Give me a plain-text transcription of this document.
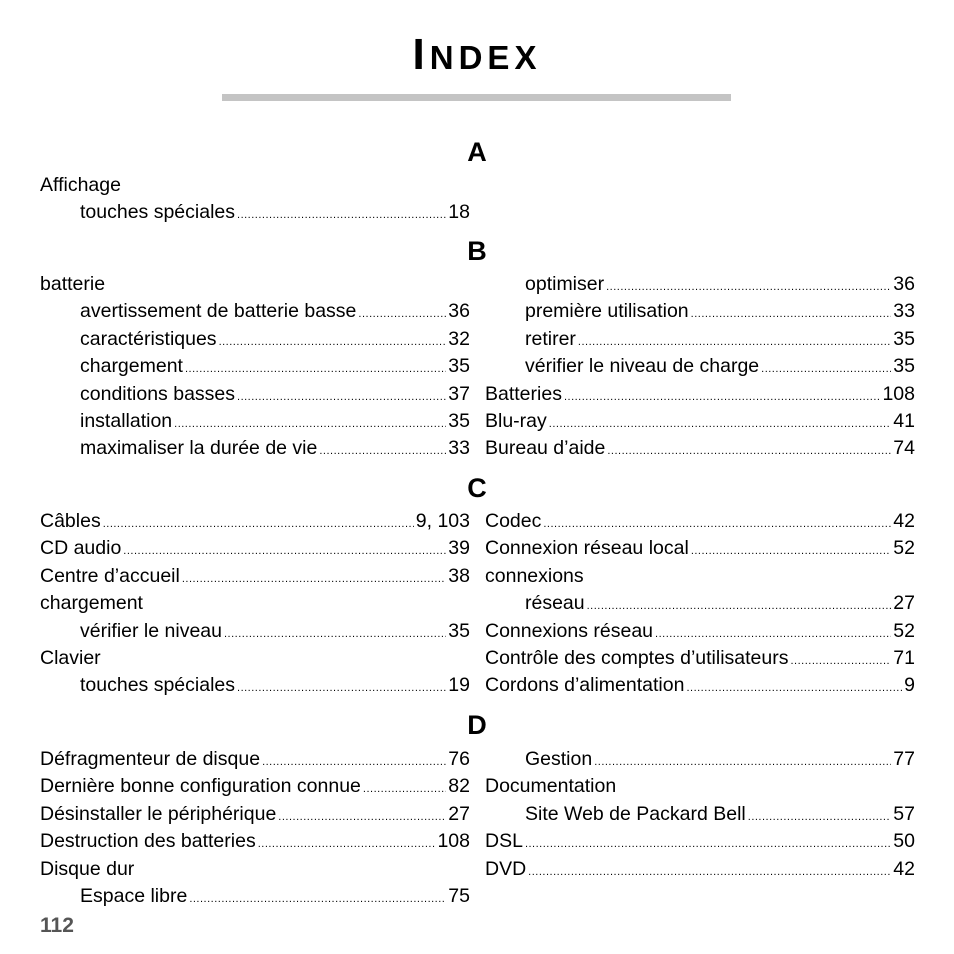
INDEX
A
Affichage
touches spéciales .....	18
B
batterie
avertissement de batterie basse .....	36
caractéristiques .....	32
chargement .....	35
conditions basses .....	37
installation .....	35
maximaliser la durée de vie .....	33
optimiser .....	36
première utilisation .....	33
retirer .....	35
vérifier le niveau de charge .....	35
Batteries .....	108
Blu-ray .....	41
Bureau d’aide .....	74
C
Câbles .....	9, 103
CD audio .....	39
Centre d’accueil .....	38
chargement
vérifier le niveau .....	35
Clavier
touches spéciales .....	19
Codec .....	42
Connexion réseau local .....	52
connexions
réseau .....	27
Connexions réseau .....	52
Contrôle des comptes d’utilisateurs .....	71
Cordons d’alimentation .....	9
D
Défragmenteur de disque .....	76
Dernière bonne configuration connue .....	82
Désinstaller le périphérique .....	27
Destruction des batteries .....	108
Disque dur
Espace libre .....	75
Gestion .....	77
Documentation
Site Web de Packard Bell .....	57
DSL .....	50
DVD .....	42
112
